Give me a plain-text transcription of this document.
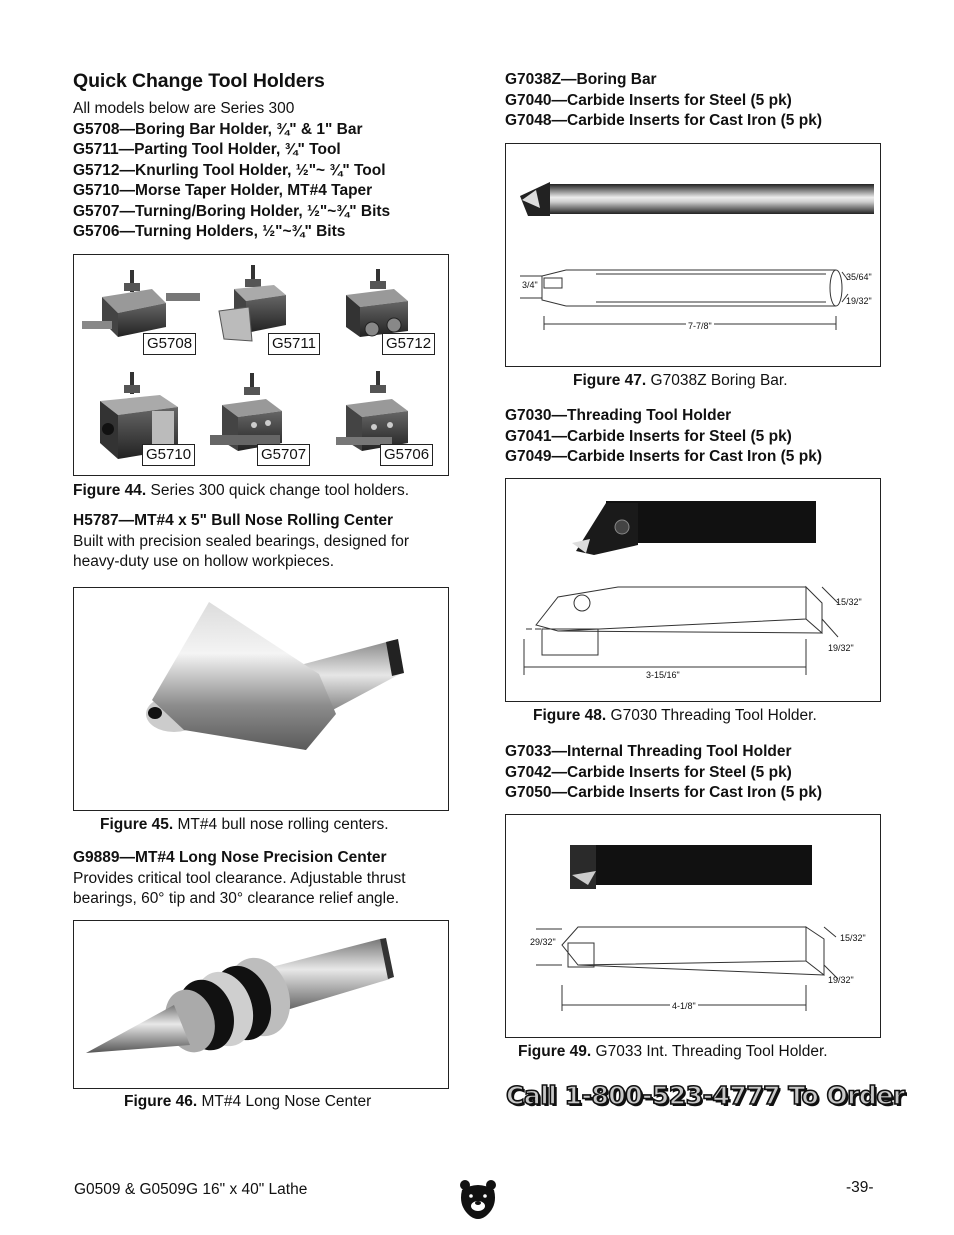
Quick Change Tool Holders
All models below are Series 300
G5708—Boring Bar Holder, ¾" & 1" Bar
G5711—Parting Tool Holder, ¾" Tool
G5712—Knurling Tool Holder, ½"~ ¾" Tool
G5710—Morse Taper Holder, MT#4 Taper
G5707—Turning/Boring Holder, ½"~¾" Bits
G5706—Turning Holders, ½"~¾" Bits
G5708	G5711	G5712
G5710	G5707	G5706
Figure 44. Series 300 quick change tool holders.
H5787—MT#4 x 5" Bull Nose Rolling Center
Built with precision sealed bearings, designed for
heavy-duty use on hollow workpieces.
Figure 45. MT#4 bull nose rolling centers.
G9889—MT#4 Long Nose Precision Center
Provides critical tool clearance. Adjustable thrust
bearings, 60° tip and 30° clearance relief angle.
Figure 46. MT#4 Long Nose Center
G7038Z—Boring Bar
G7040—Carbide Inserts for Steel (5 pk)
G7048—Carbide Inserts for Cast Iron (5 pk)
3/4"
35/64"
19/32"
7-7/8"
Figure 47. G7038Z Boring Bar.
G7030—Threading Tool Holder
G7041—Carbide Inserts for Steel (5 pk)
G7049—Carbide Inserts for Cast Iron (5 pk)
15/32"
19/32"
3-15/16"
Figure 48. G7030 Threading Tool Holder.
G7033—Internal Threading Tool Holder
G7042—Carbide Inserts for Steel (5 pk)
G7050—Carbide Inserts for Cast Iron (5 pk)
29/32"	15/32"
19/32"
4-1/8"
Figure 49. G7033 Int. Threading Tool Holder.
Call 1-800-523-4777 To Order
G0509 & G0509G 16" x 40" Lathe	-39-
